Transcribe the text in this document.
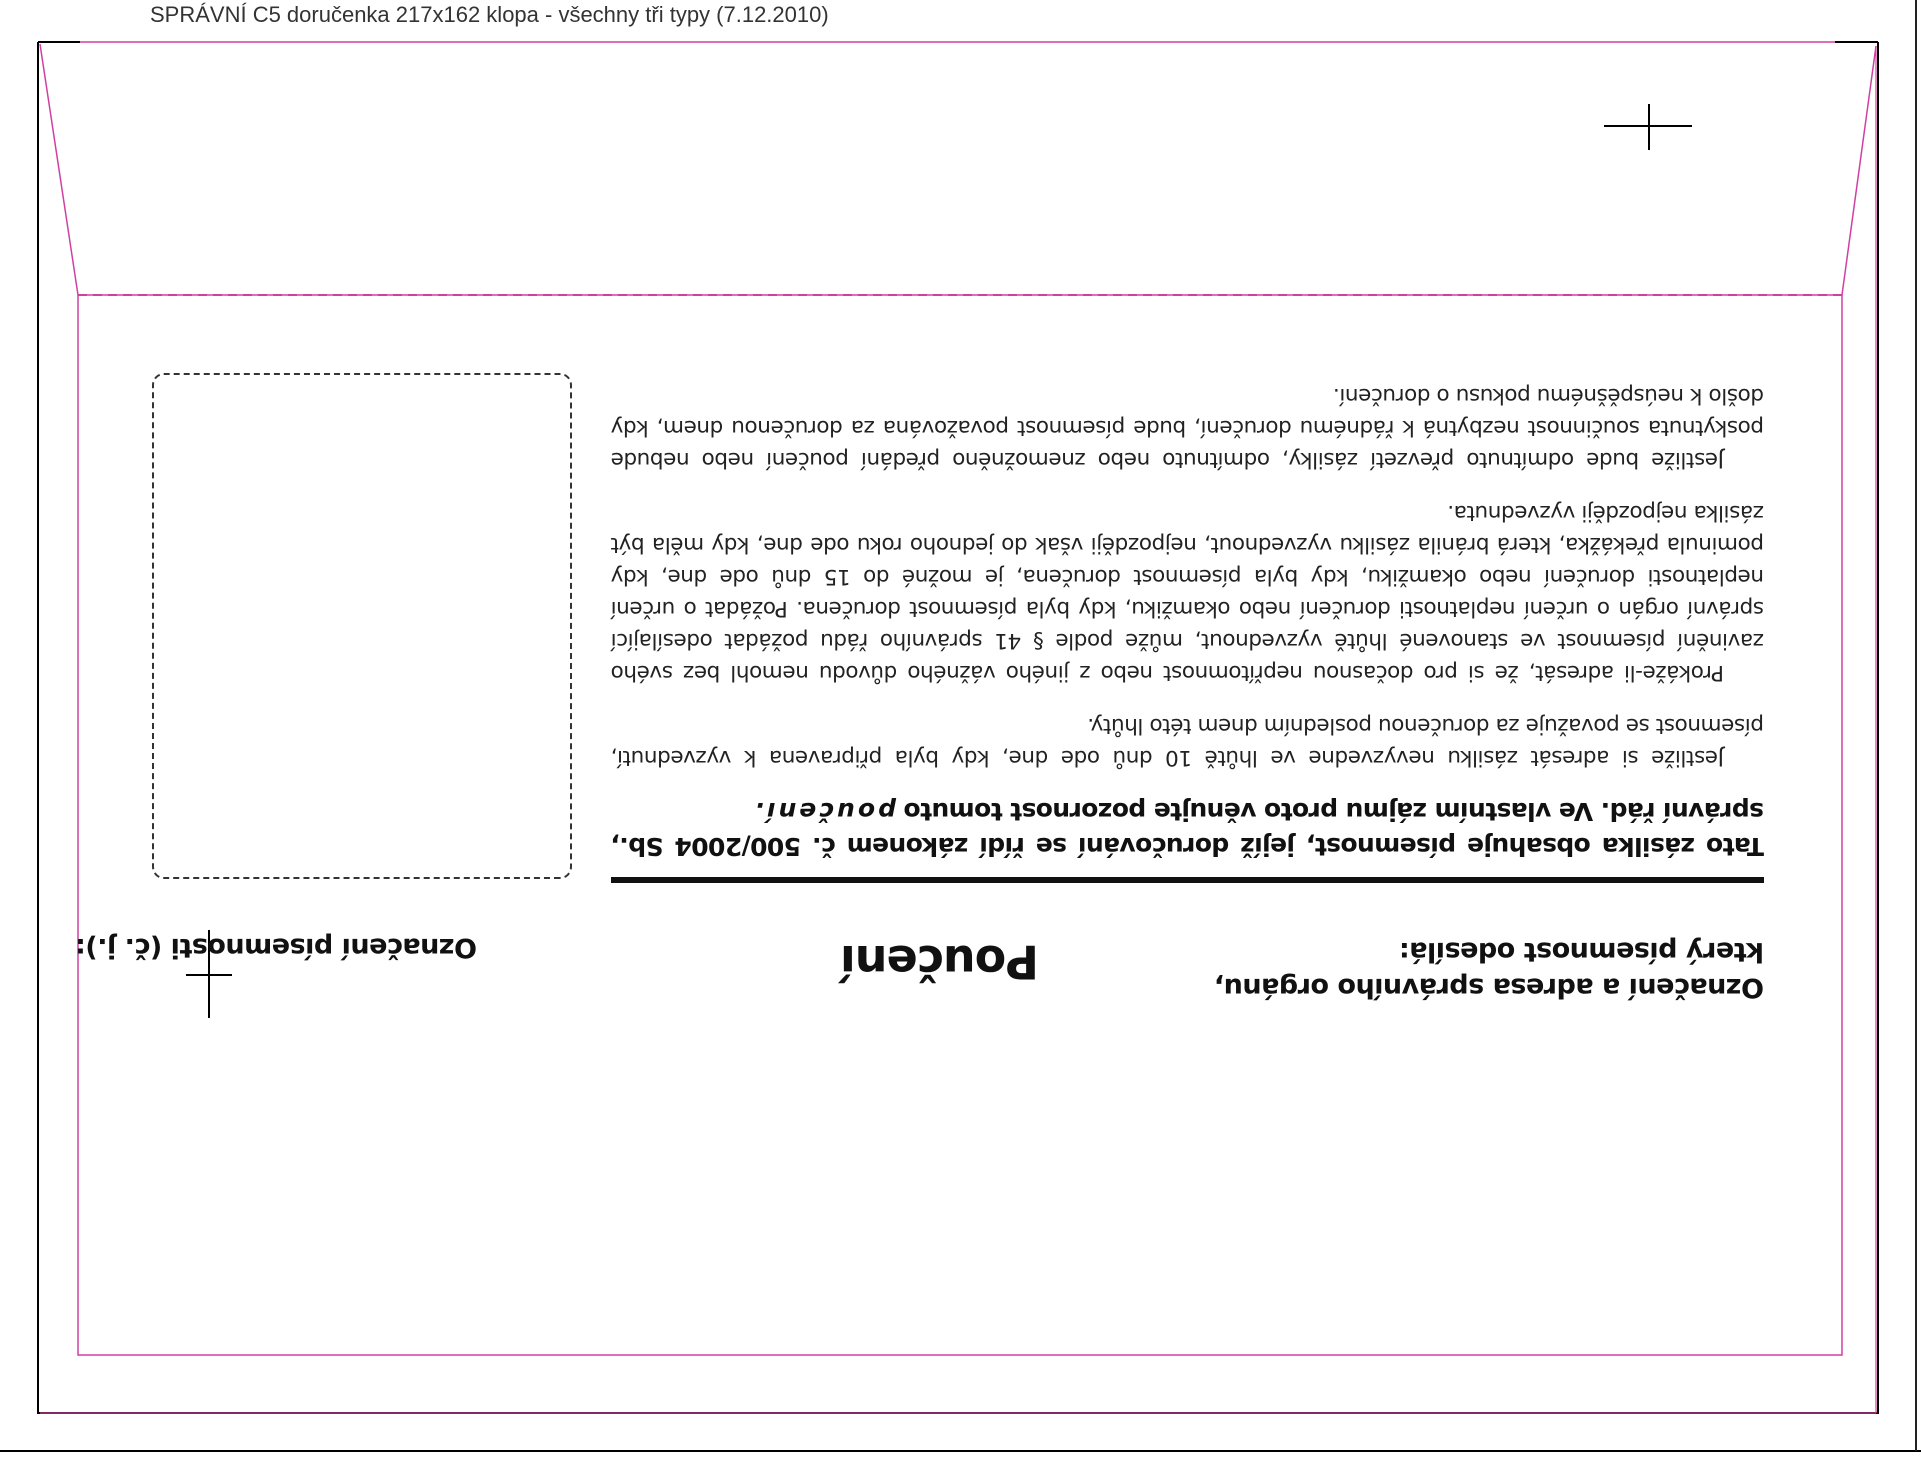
SPRÁVNÍ C5 doručenka 217x162 klopa - všechny tři typy (7.12.2010)
Označení a adresa správního orgánu,
který písemnost odesílá:
Poučení
Označení písemnosti (č. j.):
Tato zásilka obsahuje písemnost, jejíž doručování se řídí zákonem č. 500/2004 Sb., správní řád. Ve vlastním zájmu proto věnujte pozornost tomuto poučení.

Jestliže si adresát zásilku nevyzvedne ve lhůtě 10 dnů ode dne, kdy byla připravena k vyzvednutí, písemnost se považuje za doručenou posledním dnem této lhůty.

Prokáže-li adresát, že si pro dočasnou nepřítomnost nebo z jiného vážného důvodu nemohl bez svého zavinění písemnost ve stanovené lhůtě vyzvednout, může podle § 41 správního řádu požádat odesílající správní orgán o určení neplatnosti doručení nebo okamžiku, kdy byla písemnost doručena. Požádat o určení neplatnosti doručení nebo okamžiku, kdy byla písemnost doručena, je možné do 15 dnů ode dne, kdy pominula překážka, která bránila zásilku vyzvednout, nejpozději však do jednoho roku ode dne, kdy měla být zásilka nejpozději vyzvednuta.

Jestliže bude odmítnuto převzetí zásilky, odmítnuto nebo znemožněno předání poučení nebo nebude poskytnuta součinnost nezbytná k řádnému doručení, bude písemnost považována za doručenou dnem, kdy došlo k neúspěšnému pokusu o doručení.
